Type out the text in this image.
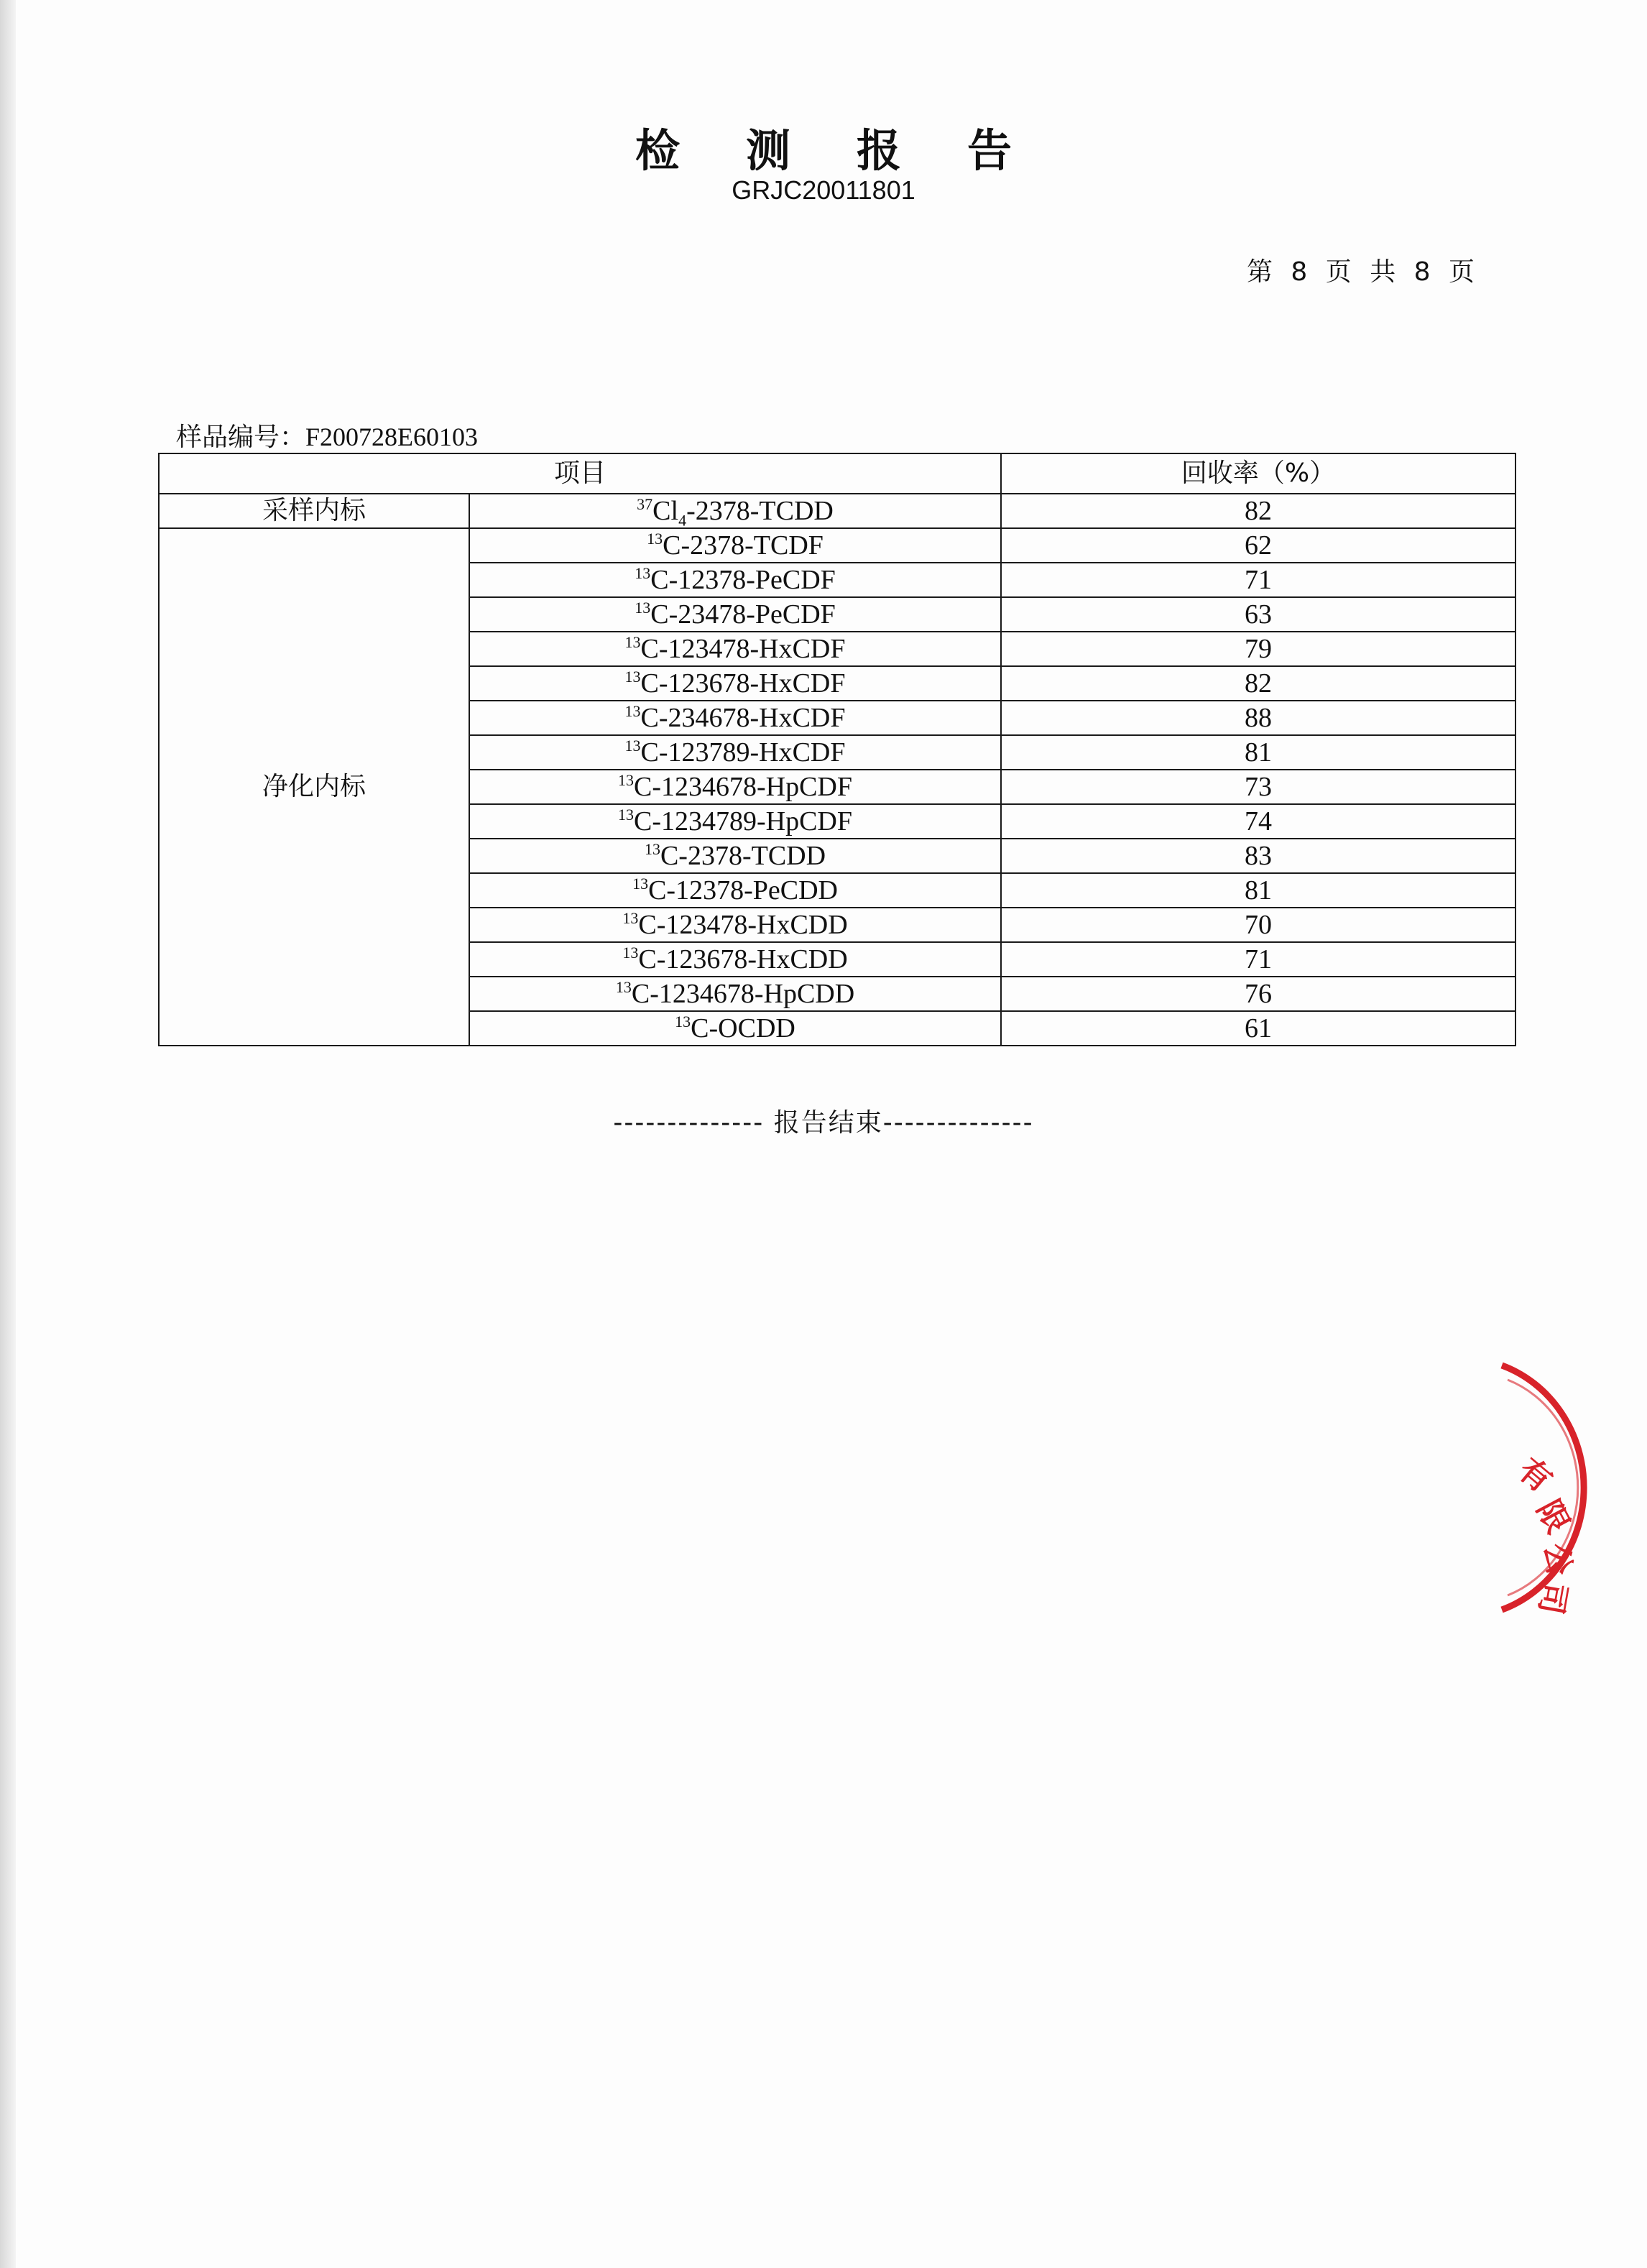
检 测 报 告
GRJC20011801
第 8 页 共 8 页
样品编号：F200728E60103
项目		回收率（%）
采样内标	$^{37}Cl_4-2378$-TCDD	82
净化内标	$^{13}$C-2378-TCDF	62
	$^{13}$C-12378-PeCDF	71
	$^{13}$C-23478-PeCDF	63
	$^{13}$C-123478-HxCDF	79
	$^{13}$C-123678-HxCDF	82
	$^{13}$C-234678-HxCDF	88
	$^{13}$C-123789-HxCDF	81
	$^{13}$C-1234678-HpCDF	73
	$^{13}$C-1234789-HpCDF	74
	$^{13}$C-2378-TCDD	83
	$^{13}$C-12378-PeCDD	81
	$^{13}$C-123478-HxCDD	70
	$^{13}$C-123678-HxCDD	71
	$^{13}$C-1234678-HpCDD	76
	$^{13}$C-OCDD	61
-------------- 报告结束--------------
有
限
公
司
